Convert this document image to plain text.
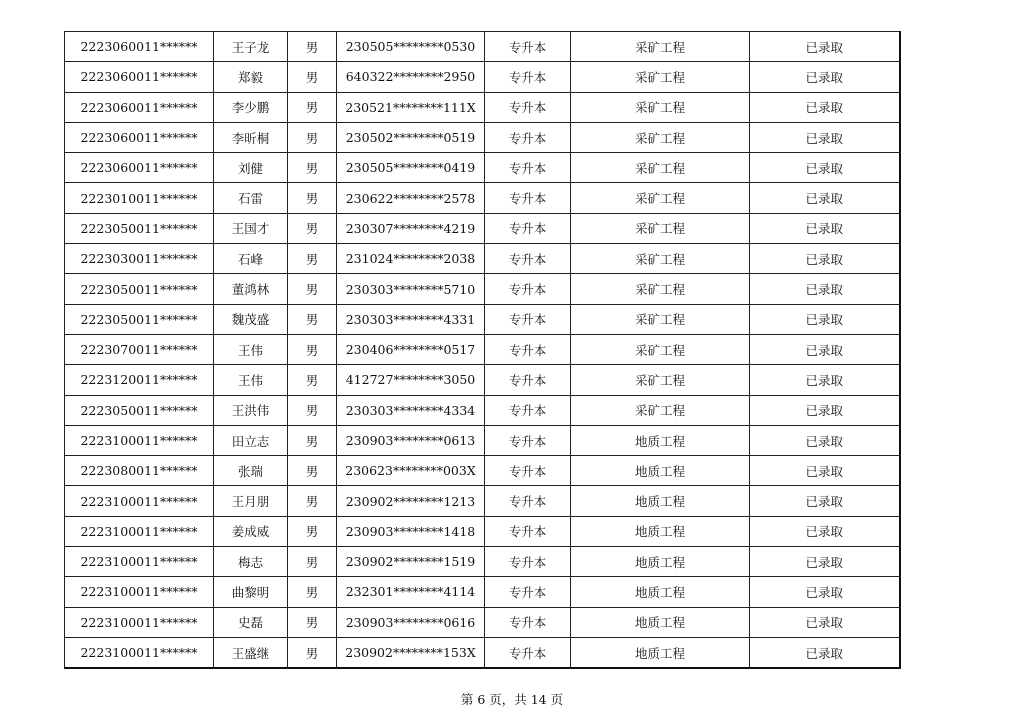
2223060011******	王子龙	男	230505********0530	专升本	采矿工程	已录取
2223060011******	郑毅	男	640322********2950	专升本	采矿工程	已录取
2223060011******	李少鹏	男	230521********111X	专升本	采矿工程	已录取
2223060011******	李昕桐	男	230502********0519	专升本	采矿工程	已录取
2223060011******	刘健	男	230505********0419	专升本	采矿工程	已录取
2223010011******	石雷	男	230622********2578	专升本	采矿工程	已录取
2223050011******	王国才	男	230307********4219	专升本	采矿工程	已录取
2223030011******	石峰	男	231024********2038	专升本	采矿工程	已录取
2223050011******	董鸿林	男	230303********5710	专升本	采矿工程	已录取
2223050011******	魏茂盛	男	230303********4331	专升本	采矿工程	已录取
2223070011******	王伟	男	230406********0517	专升本	采矿工程	已录取
2223120011******	王伟	男	412727********3050	专升本	采矿工程	已录取
2223050011******	王洪伟	男	230303********4334	专升本	采矿工程	已录取
2223100011******	田立志	男	230903********0613	专升本	地质工程	已录取
2223080011******	张瑞	男	230623********003X	专升本	地质工程	已录取
2223100011******	王月朋	男	230902********1213	专升本	地质工程	已录取
2223100011******	姜成威	男	230903********1418	专升本	地质工程	已录取
2223100011******	梅志	男	230902********1519	专升本	地质工程	已录取
2223100011******	曲黎明	男	232301********4114	专升本	地质工程	已录取
2223100011******	史磊	男	230903********0616	专升本	地质工程	已录取
2223100011******	王盛继	男	230902********153X	专升本	地质工程	已录取
第 6 页，共 14 页
